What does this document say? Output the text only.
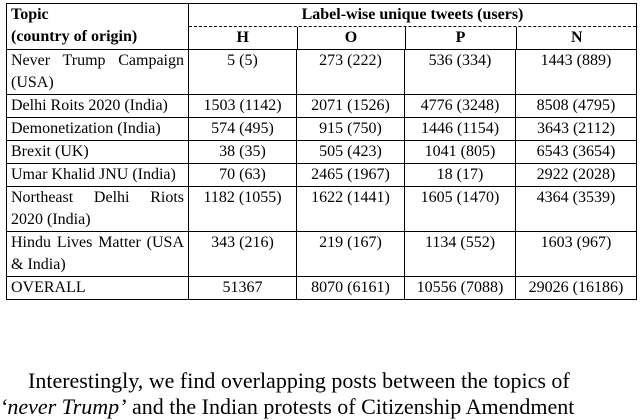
Topic
(country of origin)	
Label-wise unique tweets (users)
H	O	P	N

Never Trump Campaign (USA)	5 (5)	273 (222)	536 (334)	1443 (889)
Delhi Roits 2020 (India)	1503 (1142)	2071 (1526)	4776 (3248)	8508 (4795)
Demonetization (India)	574 (495)	915 (750)	1446 (1154)	3643 (2112)
Brexit (UK)	38 (35)	505 (423)	1041 (805)	6543 (3654)
Umar Khalid JNU (India)	70 (63)	2465 (1967)	18 (17)	2922 (2028)
Northeast Delhi Riots 2020 (India)	1182 (1055)	1622 (1441)	1605 (1470)	4364 (3539)
Hindu Lives Matter (USA & India)	343 (216)	219 (167)	1134 (552)	1603 (967)
OVERALL	51367	8070 (6161)	10556 (7088)	29026 (16186)
Interestingly, we find overlapping posts between the topics of
‘never Trump’ and the Indian protests of Citizenship Amendment
